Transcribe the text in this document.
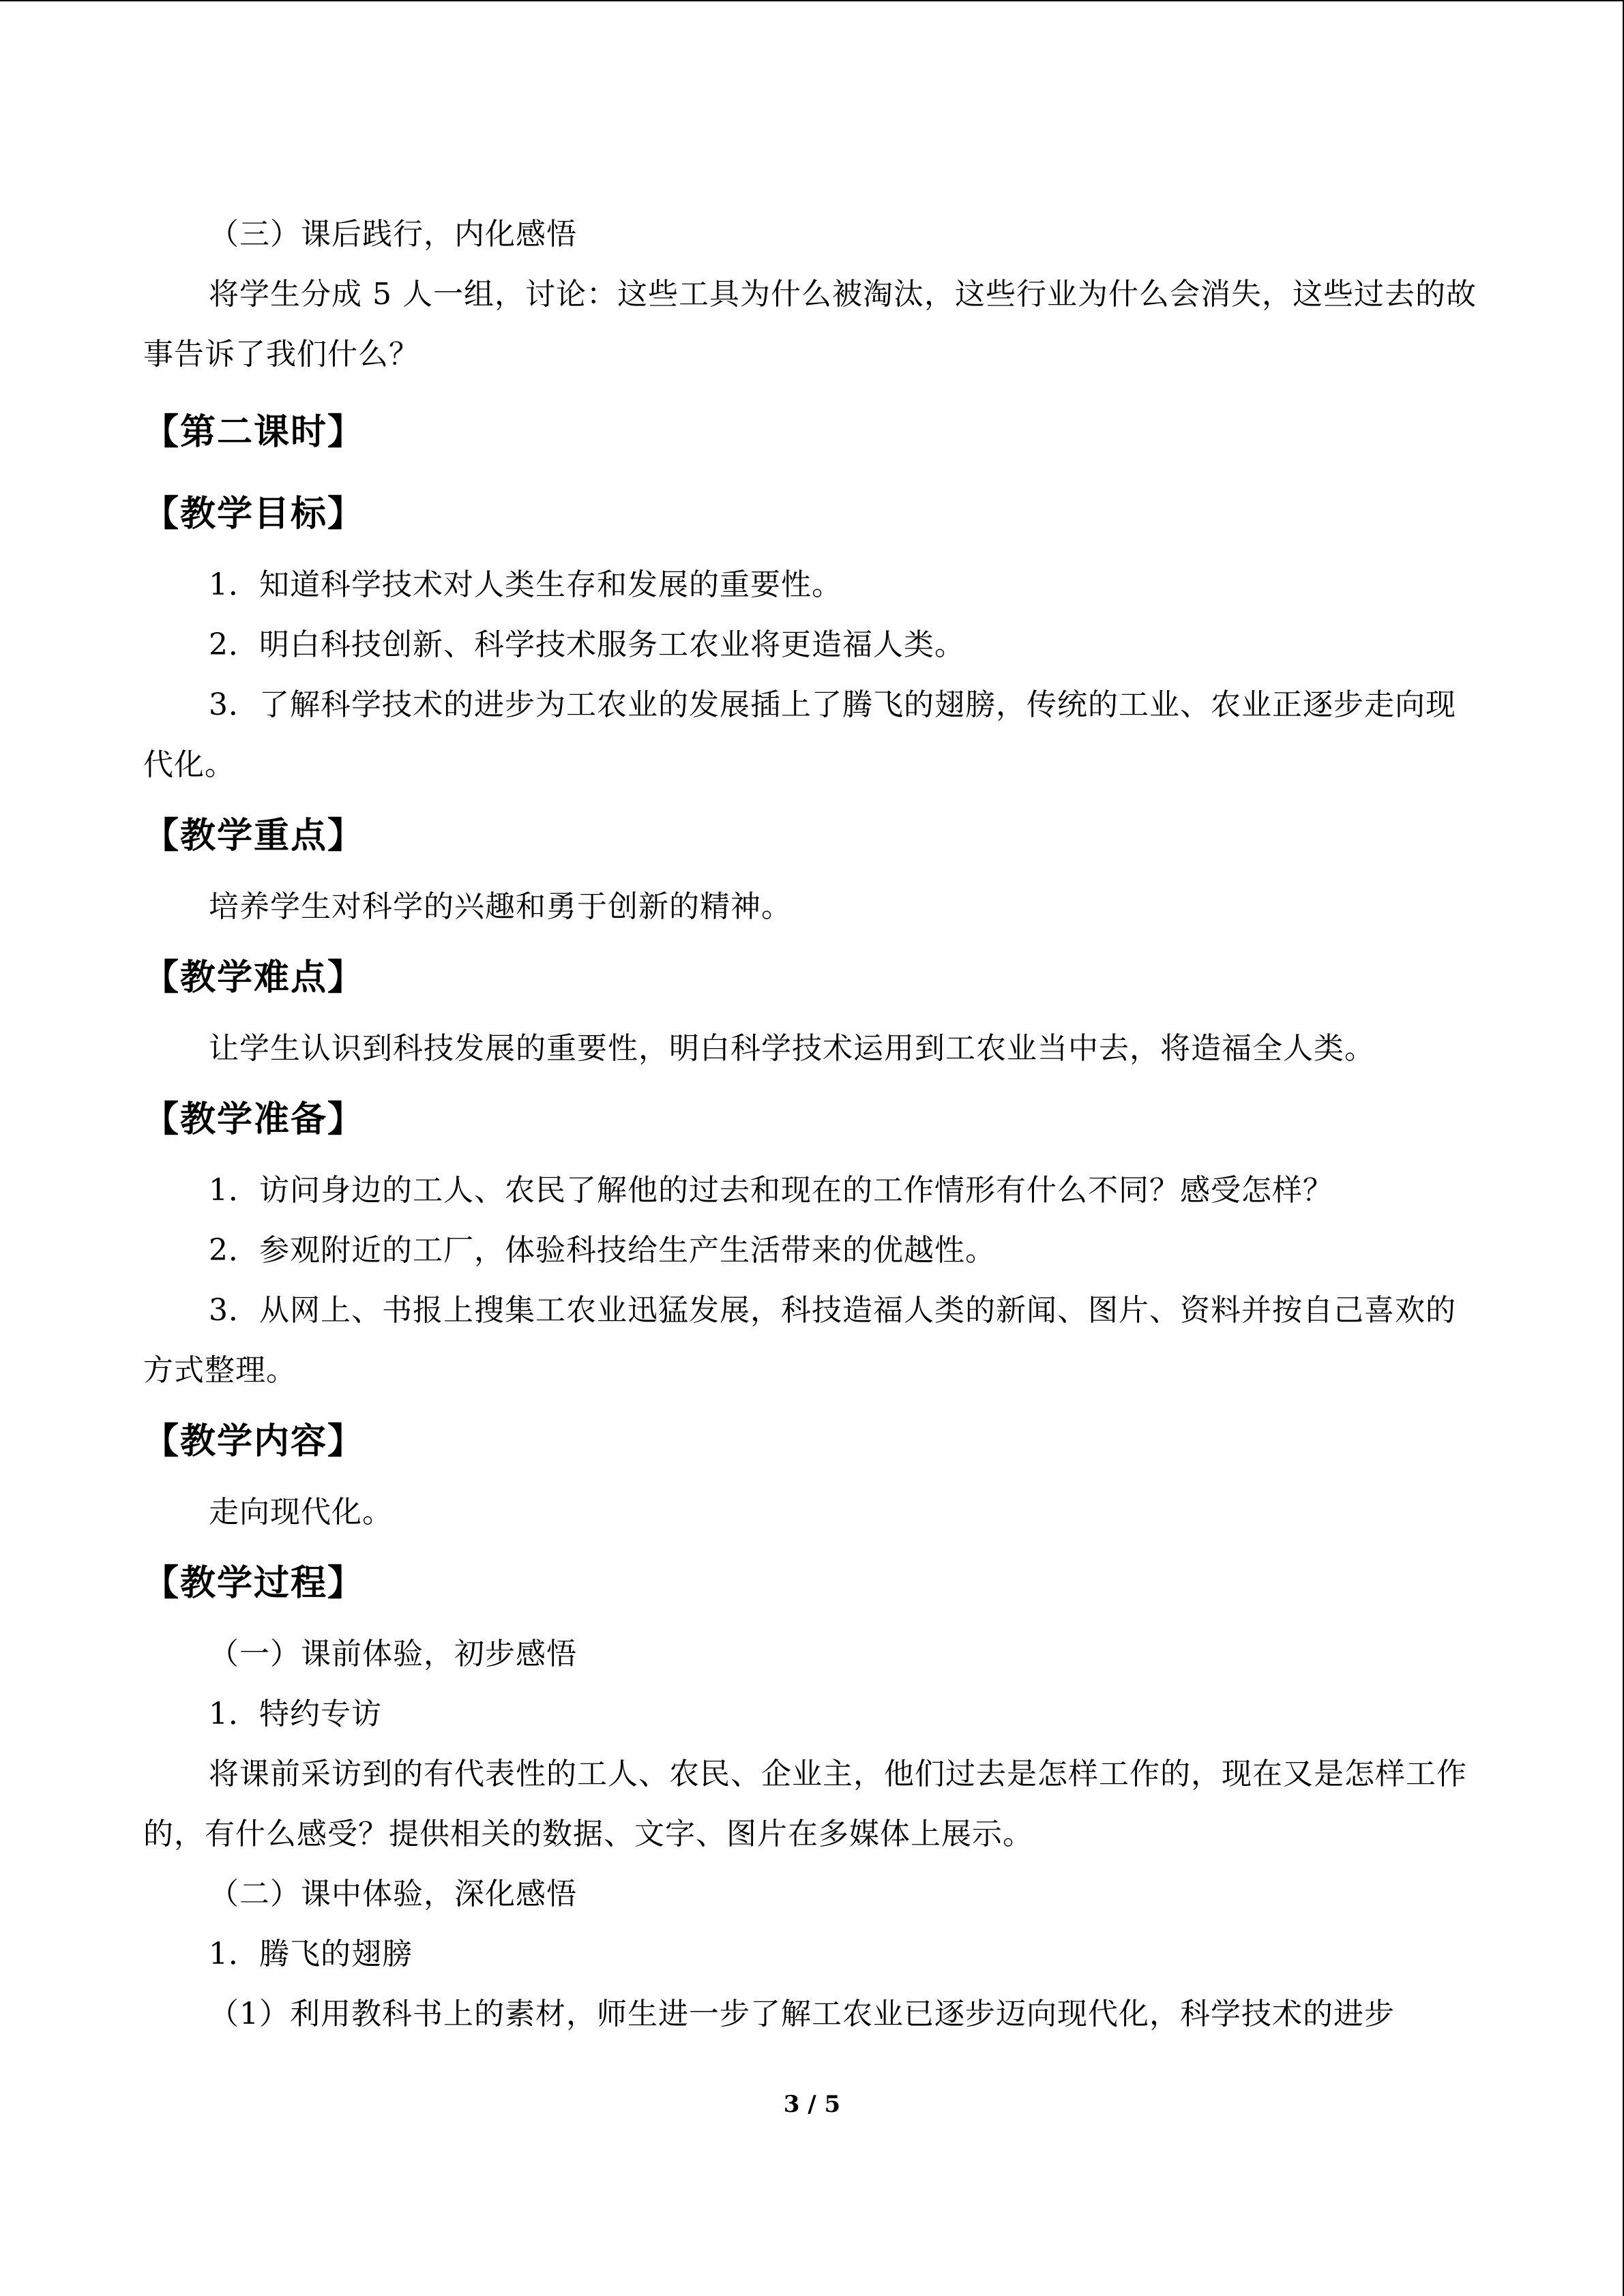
（三）课后践行，内化感悟

将学生分成 5 人一组，讨论：这些工具为什么被淘汰，这些行业为什么会消失，这些过去的故事告诉了我们什么？

【第二课时】
【教学目标】

1．知道科学技术对人类生存和发展的重要性。

2．明白科技创新、科学技术服务工农业将更造福人类。

3．了解科学技术的进步为工农业的发展插上了腾飞的翅膀，传统的工业、农业正逐步走向现代化。

【教学重点】

培养学生对科学的兴趣和勇于创新的精神。

【教学难点】

让学生认识到科技发展的重要性，明白科学技术运用到工农业当中去，将造福全人类。

【教学准备】

1．访问身边的工人、农民了解他的过去和现在的工作情形有什么不同？感受怎样？

2．参观附近的工厂，体验科技给生产生活带来的优越性。

3．从网上、书报上搜集工农业迅猛发展，科技造福人类的新闻、图片、资料并按自己喜欢的方式整理。

【教学内容】

走向现代化。

【教学过程】

（一）课前体验，初步感悟

1．特约专访

将课前采访到的有代表性的工人、农民、企业主，他们过去是怎样工作的，现在又是怎样工作的，有什么感受？提供相关的数据、文字、图片在多媒体上展示。

（二）课中体验，深化感悟

1．腾飞的翅膀

（1）利用教科书上的素材，师生进一步了解工农业已逐步迈向现代化，科学技术的进步

3 / 5
